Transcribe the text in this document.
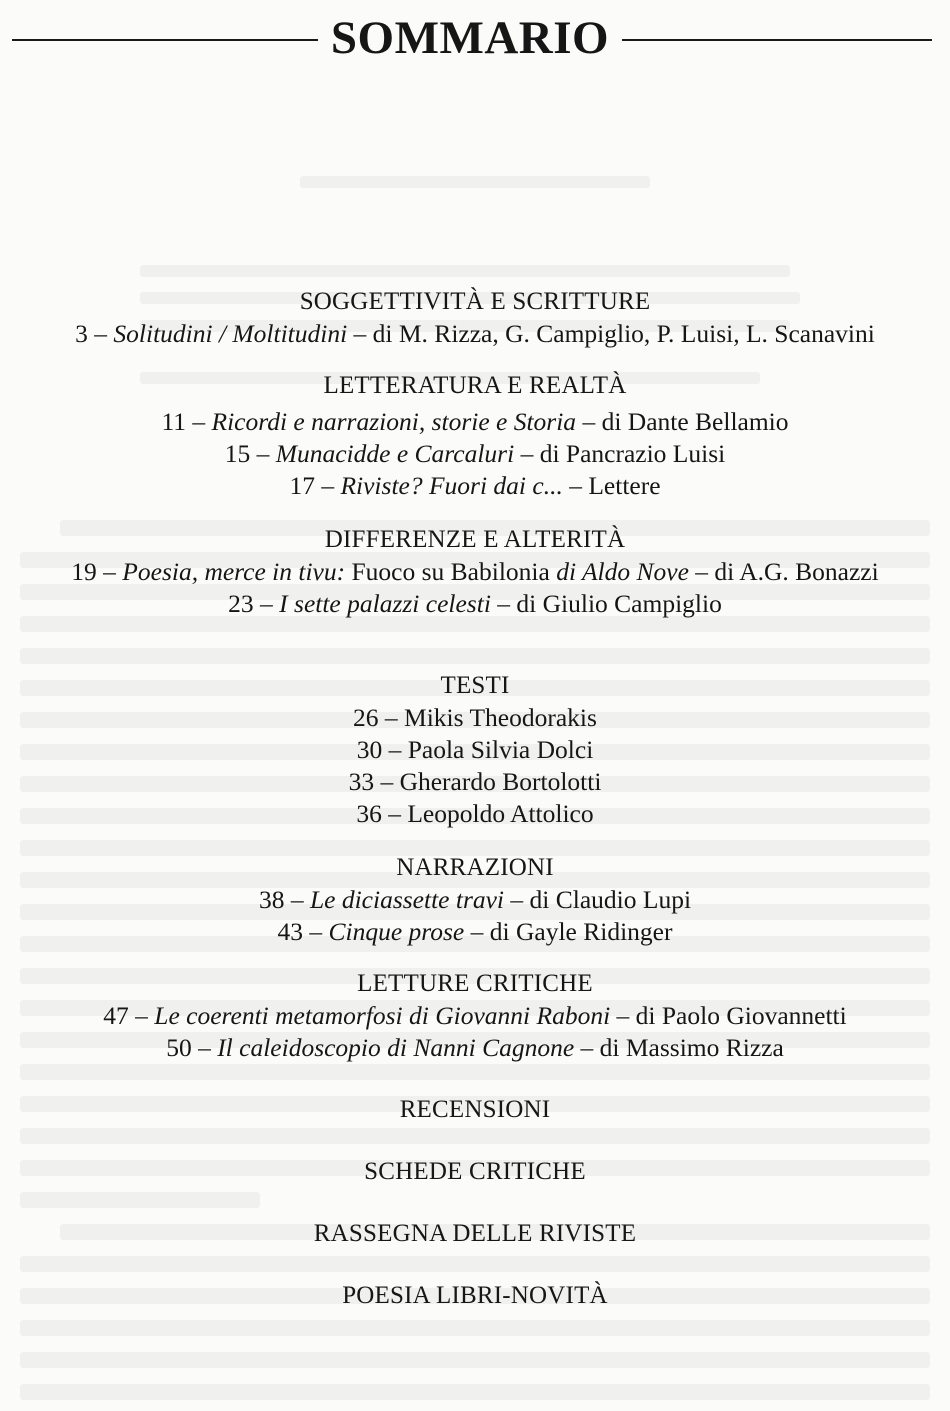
SOMMARIO
SOGGETTIVITÀ E SCRITTURE
3 – Solitudini / Moltitudini – di M. Rizza, G. Campiglio, P. Luisi, L. Scanavini
LETTERATURA E REALTÀ
11 – Ricordi e narrazioni, storie e Storia – di Dante Bellamio
15 – Munacidde e Carcaluri – di Pancrazio Luisi
17 – Riviste? Fuori dai c... – Lettere
DIFFERENZE E ALTERITÀ
19 – Poesia, merce in tivu: Fuoco su Babilonia di Aldo Nove – di A.G. Bonazzi
23 – I sette palazzi celesti – di Giulio Campiglio
TESTI
26 – Mikis Theodorakis
30 – Paola Silvia Dolci
33 – Gherardo Bortolotti
36 – Leopoldo Attolico
NARRAZIONI
38 – Le diciassette travi – di Claudio Lupi
43 – Cinque prose – di Gayle Ridinger
LETTURE CRITICHE
47 – Le coerenti metamorfosi di Giovanni Raboni – di Paolo Giovannetti
50 – Il caleidoscopio di Nanni Cagnone – di Massimo Rizza
RECENSIONI
SCHEDE CRITICHE
RASSEGNA DELLE RIVISTE
POESIA LIBRI-NOVITÀ
